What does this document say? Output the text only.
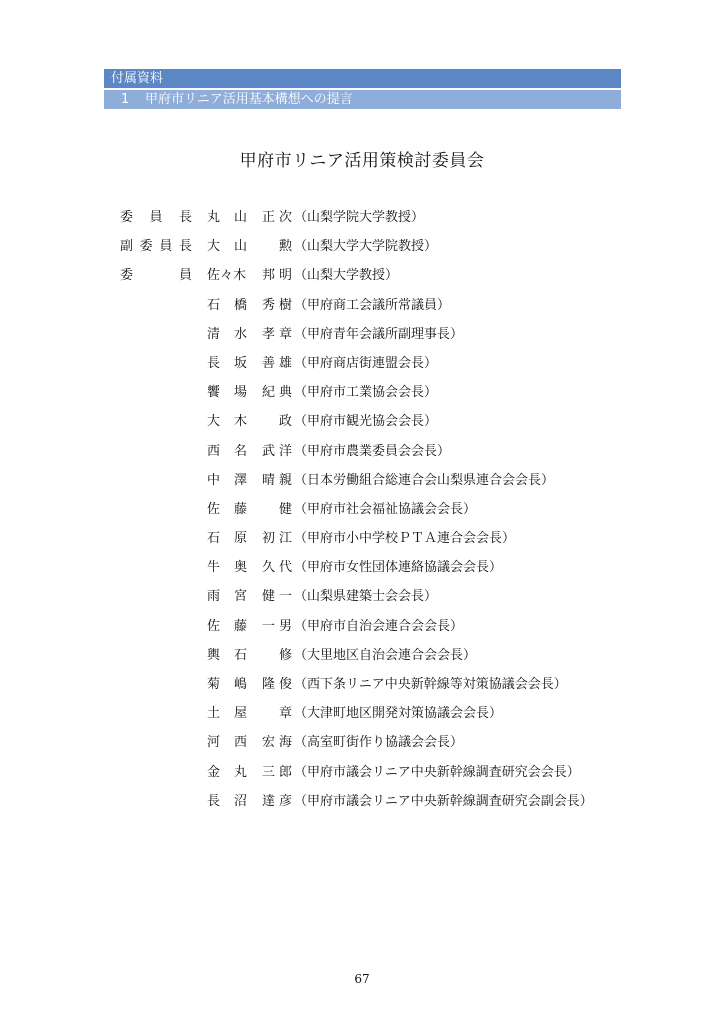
付属資料
1 甲府市リニア活用基本構想への提言
甲府市リニア活用策検討委員会
委 員 長 丸 山 正 次 （山梨学院大学教授）
副 委 員 長 大 山 勲 （山梨大学大学院教授）
委	員 佐 々 木 邦 明 （山梨大学教授）
石 橋 秀 樹 （甲府商工会議所常議員）
清 水 孝 章 （甲府青年会議所副理事長）
長 坂 善 雄 （甲府商店街連盟会長）
饗 場 紀 典 （甲府市工業協会会長）
大 木 政 （甲府市観光協会会長）
西 名 武 洋 （甲府市農業委員会会長）
中 澤 晴 親 （日本労働組合総連合会山梨県連合会会長）
佐 藤 健 （甲府市社会福祉協議会会長）
石 原 初 江 （甲府市小中学校ＰＴＡ連合会会長）
牛 奥 久 代 （甲府市女性団体連絡協議会会長）
雨 宮 健 一 （山梨県建築士会会長）
佐 藤 一 男 （甲府市自治会連合会会長）
輿 石 修 （大里地区自治会連合会会長）
菊 嶋 隆 俊 （西下条リニア中央新幹線等対策協議会会長）
土 屋 章 （大津町地区開発対策協議会会長）
河 西 宏 海 （高室町街作り協議会会長）
金 丸 三 郎 （甲府市議会リニア中央新幹線調査研究会会長）
長 沼 達 彦 （甲府市議会リニア中央新幹線調査研究会副会長）
67
